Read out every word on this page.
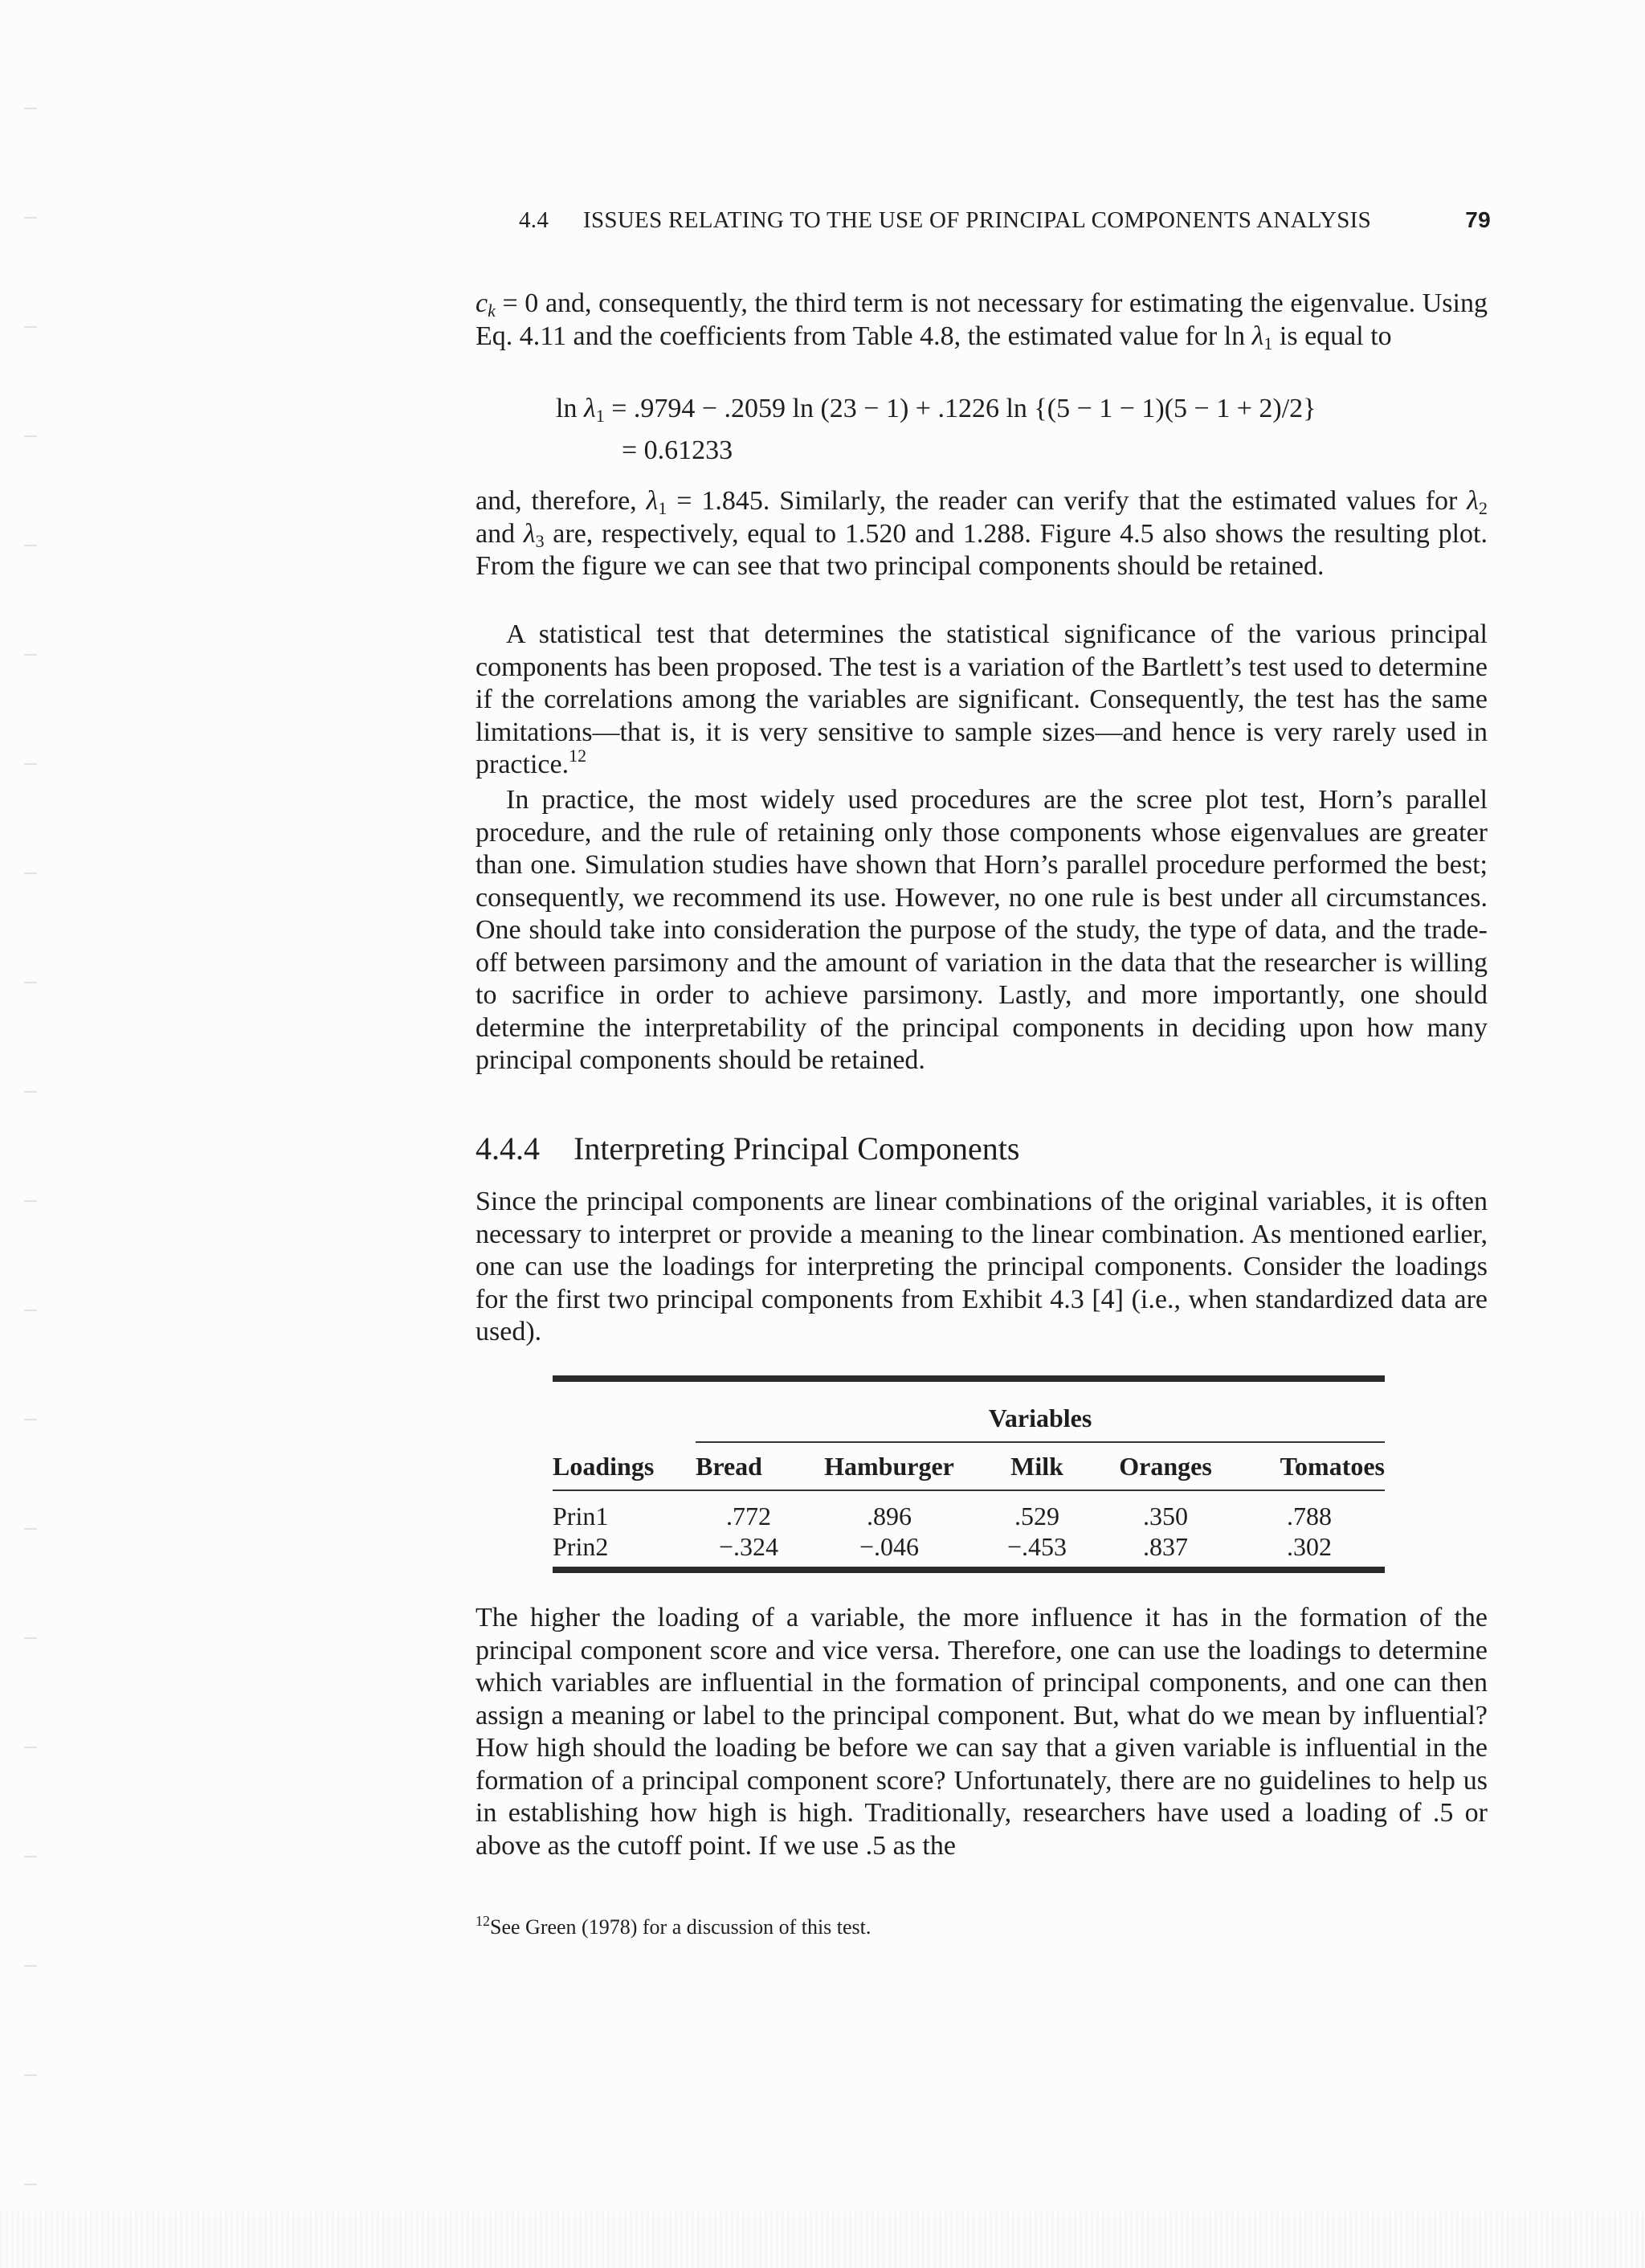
4.4 ISSUES RELATING TO THE USE OF PRINCIPAL COMPONENTS ANALYSIS	79
$c_k = 0$ and, consequently, the third term is not necessary for estimating the eigenvalue. Using Eq. 4.11 and the coefficients from Table 4.8, the estimated value for $\ln \lambda_1$ is equal to
$\ln \lambda_1 = .9794 - .2059$ ln (23 − 1) + .1226 ln {(5 − 1 − 1)(5 − 1 + 2)/2}
= 0.61233
and, therefore, $\lambda_1 = 1.845$. Similarly, the reader can verify that the estimated values for $\lambda_2$ and $\lambda_3$ are, respectively, equal to 1.520 and 1.288. Figure 4.5 also shows the resulting plot. From the figure we can see that two principal components should be retained.
A statistical test that determines the statistical significance of the various principal components has been proposed. The test is a variation of the Bartlett’s test used to determine if the correlations among the variables are significant. Consequently, the test has the same limitations—that is, it is very sensitive to sample sizes—and hence is very rarely used in practice.$^{12}$
In practice, the most widely used procedures are the scree plot test, Horn’s parallel procedure, and the rule of retaining only those components whose eigenvalues are greater than one. Simulation studies have shown that Horn’s parallel procedure performed the best; consequently, we recommend its use. However, no one rule is best under all circumstances. One should take into consideration the purpose of the study, the type of data, and the trade-off between parsimony and the amount of variation in the data that the researcher is willing to sacrifice in order to achieve parsimony. Lastly, and more importantly, one should determine the interpretability of the principal components in deciding upon how many principal components should be retained.
4.4.4 Interpreting Principal Components
Since the principal components are linear combinations of the original variables, it is often necessary to interpret or provide a meaning to the linear combination. As mentioned earlier, one can use the loadings for interpreting the principal components. Consider the loadings for the first two principal components from Exhibit 4.3 [4] (i.e., when standardized data are used).
	Variables				

Loadings	Bread	Hamburger	Milk	Oranges	Tomatoes

Prin1	.772	.896	.529	.350	.788
Prin2	−.324	−.046	−.453	.837	.302
The higher the loading of a variable, the more influence it has in the formation of the principal component score and vice versa. Therefore, one can use the loadings to determine which variables are influential in the formation of principal components, and one can then assign a meaning or label to the principal component. But, what do we mean by influential? How high should the loading be before we can say that a given variable is influential in the formation of a principal component score? Unfortunately, there are no guidelines to help us in establishing how high is high. Traditionally, researchers have used a loading of .5 or above as the cutoff point. If we use .5 as the
$^{12}$See Green (1978) for a discussion of this test.
